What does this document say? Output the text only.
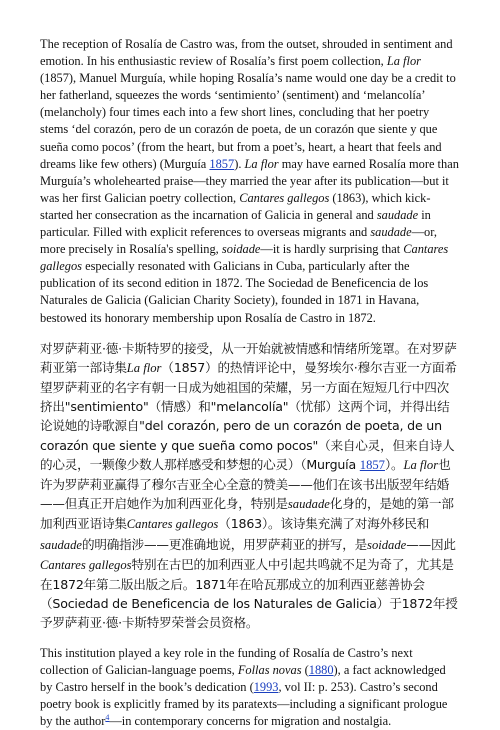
The reception of Rosalía de Castro was, from the outset, shrouded in sentiment and emotion. In his enthusiastic review of Rosalía’s first poem collection, La flor (1857), Manuel Murguía, while hoping Rosalía’s name would one day be a credit to her fatherland, squeezes the words ‘sentimiento’ (sentiment) and ‘melancolía’ (melancholy) four times each into a few short lines, concluding that her poetry stems ‘del corazón, pero de un corazón de poeta, de un corazón que siente y que sueña como pocos’ (from the heart, but from a poet’s, heart, a heart that feels and dreams like few others) (Murguía 1857). La flor may have earned Rosalía more than Murguía’s wholehearted praise—they married the year after its publication—but it was her first Galician poetry collection, Cantares gallegos (1863), which kick-started her consecration as the incarnation of Galicia in general and saudade in particular. Filled with explicit references to overseas migrants and saudade—or, more precisely in Rosalía's spelling, soidade—it is hardly surprising that Cantares gallegos especially resonated with Galicians in Cuba, particularly after the publication of its second edition in 1872. The Sociedad de Beneficencia de los Naturales de Galicia (Galician Charity Society), founded in 1871 in Havana, bestowed its honorary membership upon Rosalía de Castro in 1872.

对罗萨莉亚·德·卡斯特罗的接受，从一开始就被情感和情绪所笼罩。在对罗萨莉亚第一部诗集La flor（1857）的热情评论中，曼努埃尔·穆尔吉亚一方面希望罗萨莉亚的名字有朝一日成为她祖国的荣耀，另一方面在短短几行中四次挤出"sentimiento"（情感）和"melancolía"（忧郁）这两个词，并得出结论说她的诗歌源自"del corazón, pero de un corazón de poeta, de un corazón que siente y que sueña como pocos"（来自心灵，但来自诗人的心灵，一颗像少数人那样感受和梦想的心灵）（Murguía 1857）。La flor也许为罗萨莉亚赢得了穆尔吉亚全心全意的赞美——他们在该书出版翌年结婚——但真正开启她作为加利西亚化身，特别是saudade化身的，是她的第一部加利西亚语诗集Cantares gallegos（1863）。该诗集充满了对海外移民和saudade的明确指涉——更准确地说，用罗萨莉亚的拼写，是soidade——因此Cantares gallegos特别在古巴的加利西亚人中引起共鸣就不足为奇了，尤其是在1872年第二版出版之后。1871年在哈瓦那成立的加利西亚慈善协会（Sociedad de Beneficencia de los Naturales de Galicia）于1872年授予罗萨莉亚·德·卡斯特罗荣誉会员资格。

This institution played a key role in the funding of Rosalía de Castro’s next collection of Galician-language poems, Follas novas (1880), a fact acknowledged by Castro herself in the book’s dedication (1993, vol II: p. 253). Castro’s second poetry book is explicitly framed by its paratexts—including a significant prologue by the author$^4$—in contemporary concerns for migration and nostalgia.
